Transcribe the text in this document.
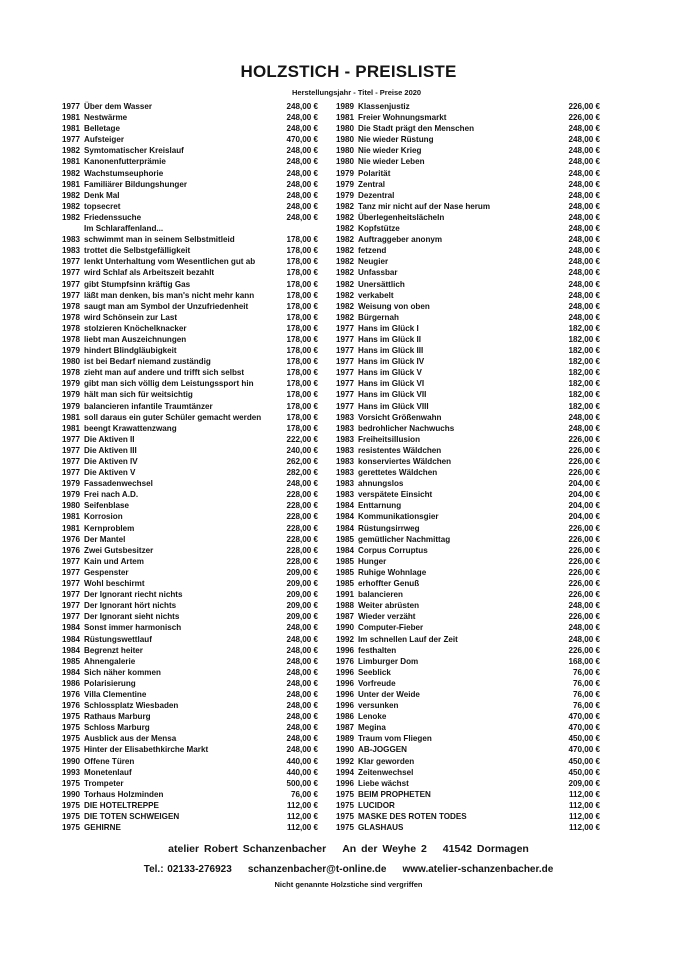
HOLZSTICH - PREISLISTE
Herstellungsjahr - Titel - Preise 2020
1977 Über dem Wasser	248,00 €
1981 Nestwärme	248,00 €
1981 Belletage	248,00 €
1977 Aufsteiger	470,00 €
1982 Symtomatischer Kreislauf	248,00 €
1981 Kanonenfutterprämie	248,00 €
1982 Wachstumseuphorie	248,00 €
1981 Familiärer Bildungshunger	248,00 €
1982 Denk Mal	248,00 €
1982 topsecret	248,00 €
1982 Friedenssuche	248,00 €
Im Schlaraffenland...
1983 schwimmt man in seinem Selbstmitleid	178,00 €
1983 trottet die Selbstgefälligkeit	178,00 €
1977 lenkt Unterhaltung vom Wesentlichen gut ab	178,00 €
1977 wird Schlaf als Arbeitszeit bezahlt	178,00 €
1977 gibt Stumpfsinn kräftig Gas	178,00 €
1977 läßt man denken, bis man's nicht mehr kann	178,00 €
1978 saugt man am Symbol der Unzufriedenheit	178,00 €
1978 wird Schönsein zur Last	178,00 €
1978 stolzieren Knöchelknacker	178,00 €
1978 liebt man Auszeichnungen	178,00 €
1979 hindert Blindgläubigkeit	178,00 €
1980 ist bei Bedarf niemand zuständig	178,00 €
1978 zieht man auf andere und trifft sich selbst	178,00 €
1979 gibt man sich völlig dem Leistungssport hin	178,00 €
1979 hält man sich für weitsichtig	178,00 €
1979 balancieren infantile Traumtänzer	178,00 €
1981 soll daraus ein guter Schüler gemacht werden	178,00 €
1981 beengt Krawattenzwang	178,00 €
1977 Die Aktiven II	222,00 €
1977 Die Aktiven III	240,00 €
1977 Die Aktiven IV	262,00 €
1977 Die Aktiven V	282,00 €
1979 Fassadenwechsel	248,00 €
1979 Frei nach A.D.	228,00 €
1980 Seifenblase	228,00 €
1981 Korrosion	228,00 €
1981 Kernproblem	228,00 €
1976 Der Mantel	228,00 €
1976 Zwei Gutsbesitzer	228,00 €
1977 Kain und Artem	228,00 €
1977 Gespenster	209,00 €
1977 Wohl beschirmt	209,00 €
1977 Der Ignorant riecht nichts	209,00 €
1977 Der Ignorant hört nichts	209,00 €
1977 Der Ignorant sieht nichts	209,00 €
1984 Sonst immer harmonisch	248,00 €
1984 Rüstungswettlauf	248,00 €
1984 Begrenzt heiter	248,00 €
1985 Ahnengalerie	248,00 €
1984 Sich näher kommen	248,00 €
1986 Polarisierung	248,00 €
1976 Villa Clementine	248,00 €
1976 Schlossplatz Wiesbaden	248,00 €
1975 Rathaus Marburg	248,00 €
1975 Schloss Marburg	248,00 €
1975 Ausblick aus der Mensa	248,00 €
1975 Hinter der Elisabethkirche Markt	248,00 €
1990 Offene Türen	440,00 €
1993 Monetenlauf	440,00 €
1975 Trompeter	500,00 €
1990 Torhaus Holzminden	76,00 €
1975 DIE HOTELTREPPE	112,00 €
1975 DIE TOTEN SCHWEIGEN	112,00 €
1975 GEHIRNE	112,00 €
1989 Klassenjustiz	226,00 €
1981 Freier Wohnungsmarkt	226,00 €
1980 Die Stadt prägt den Menschen	248,00 €
1980 Nie wieder Rüstung	248,00 €
1980 Nie wieder Krieg	248,00 €
1980 Nie wieder Leben	248,00 €
1979 Polarität	248,00 €
1979 Zentral	248,00 €
1979 Dezentral	248,00 €
1982 Tanz mir nicht auf der Nase herum	248,00 €
1982 Überlegenheitslächeln	248,00 €
1982 Kopfstütze	248,00 €
1982 Auftraggeber anonym	248,00 €
1982 fetzend	248,00 €
1982 Neugier	248,00 €
1982 Unfassbar	248,00 €
1982 Unersättlich	248,00 €
1982 verkabelt	248,00 €
1982 Weisung von oben	248,00 €
1982 Bürgernah	248,00 €
1977 Hans im Glück I	182,00 €
1977 Hans im Glück II	182,00 €
1977 Hans im Glück III	182,00 €
1977 Hans im Glück IV	182,00 €
1977 Hans im Glück V	182,00 €
1977 Hans im Glück VI	182,00 €
1977 Hans im Glück VII	182,00 €
1977 Hans im Glück VIII	182,00 €
1983 Vorsicht Größenwahn	248,00 €
1983 bedrohlicher Nachwuchs	248,00 €
1983 Freiheitsillusion	226,00 €
1983 resistentes Wäldchen	226,00 €
1983 konserviertes Wäldchen	226,00 €
1983 gerettetes Wäldchen	226,00 €
1983 ahnungslos	204,00 €
1983 verspätete Einsicht	204,00 €
1984 Enttarnung	204,00 €
1984 Kommunikationsgier	204,00 €
1984 Rüstungsirrweg	226,00 €
1985 gemütlicher Nachmittag	226,00 €
1984 Corpus Corruptus	226,00 €
1985 Hunger	226,00 €
1985 Ruhige Wohnlage	226,00 €
1985 erhoffter Genuß	226,00 €
1991 balancieren	226,00 €
1988 Weiter abrüsten	248,00 €
1987 Wieder verzäht	226,00 €
1990 Computer-Fieber	248,00 €
1992 Im schnellen Lauf der Zeit	248,00 €
1996 festhalten	226,00 €
1976 Limburger Dom	168,00 €
1996 Seeblick	76,00 €
1996 Vorfreude	76,00 €
1996 Unter der Weide	76,00 €
1996 versunken	76,00 €
1986 Lenoke	470,00 €
1987 Megina	470,00 €
1989 Traum vom Fliegen	450,00 €
1990 AB-JOGGEN	470,00 €
1992 Klar geworden	450,00 €
1994 Zeitenwechsel	450,00 €
1996 Liebe wächst	209,00 €
1975 BEIM PROPHETEN	112,00 €
1975 LUCIDOR	112,00 €
1975 MASKE DES ROTEN TODES	112,00 €
1975 GLASHAUS	112,00 €
atelier Robert Schanzenbacher An der Weyhe 2 41542 Dormagen
Tel.: 02133-276923 schanzenbacher@t-online.de www.atelier-schanzenbacher.de
Nicht genannte Holzstiche sind vergriffen
